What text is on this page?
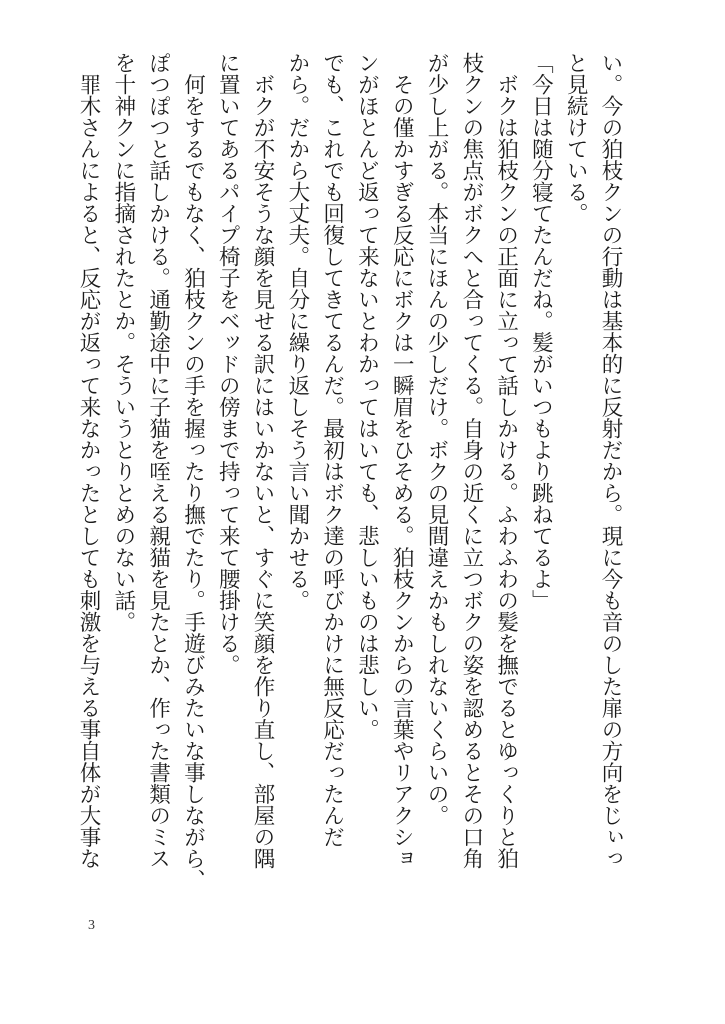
い。今の狛枝クンの行動は基本的に反射だから。現に今も音のした扉の方向をじぃっ
と見続けている。
「今日は随分寝てたんだね。髪がいつもより跳ねてるよ」
　ボクは狛枝クンの正面に立って話しかける。ふわふわの髪を撫でるとゆっくりと狛
枝クンの焦点がボクへと合ってくる。自身の近くに立つボクの姿を認めるとその口角
が少し上がる。本当にほんの少しだけ。ボクの見間違えかもしれないくらいの。
　その僅かすぎる反応にボクは一瞬眉をひそめる。狛枝クンからの言葉やリアクショ
ンがほとんど返って来ないとわかってはいても、悲しいものは悲しい。
でも、これでも回復してきてるんだ。最初はボク達の呼びかけに無反応だったんだ
から。だから大丈夫。自分に繰り返しそう言い聞かせる。
　ボクが不安そうな顔を見せる訳にはいかないと、すぐに笑顔を作り直し、部屋の隅
に置いてあるパイプ椅子をベッドの傍まで持って来て腰掛ける。
　何をするでもなく、狛枝クンの手を握ったり撫でたり。手遊びみたいな事しながら、
ぽつぽつと話しかける。通勤途中に子猫を咥える親猫を見たとか、作った書類のミス
を十神クンに指摘されたとか。そういうとりとめのない話。
　罪木さんによると、反応が返って来なかったとしても刺激を与える事自体が大事な
3
